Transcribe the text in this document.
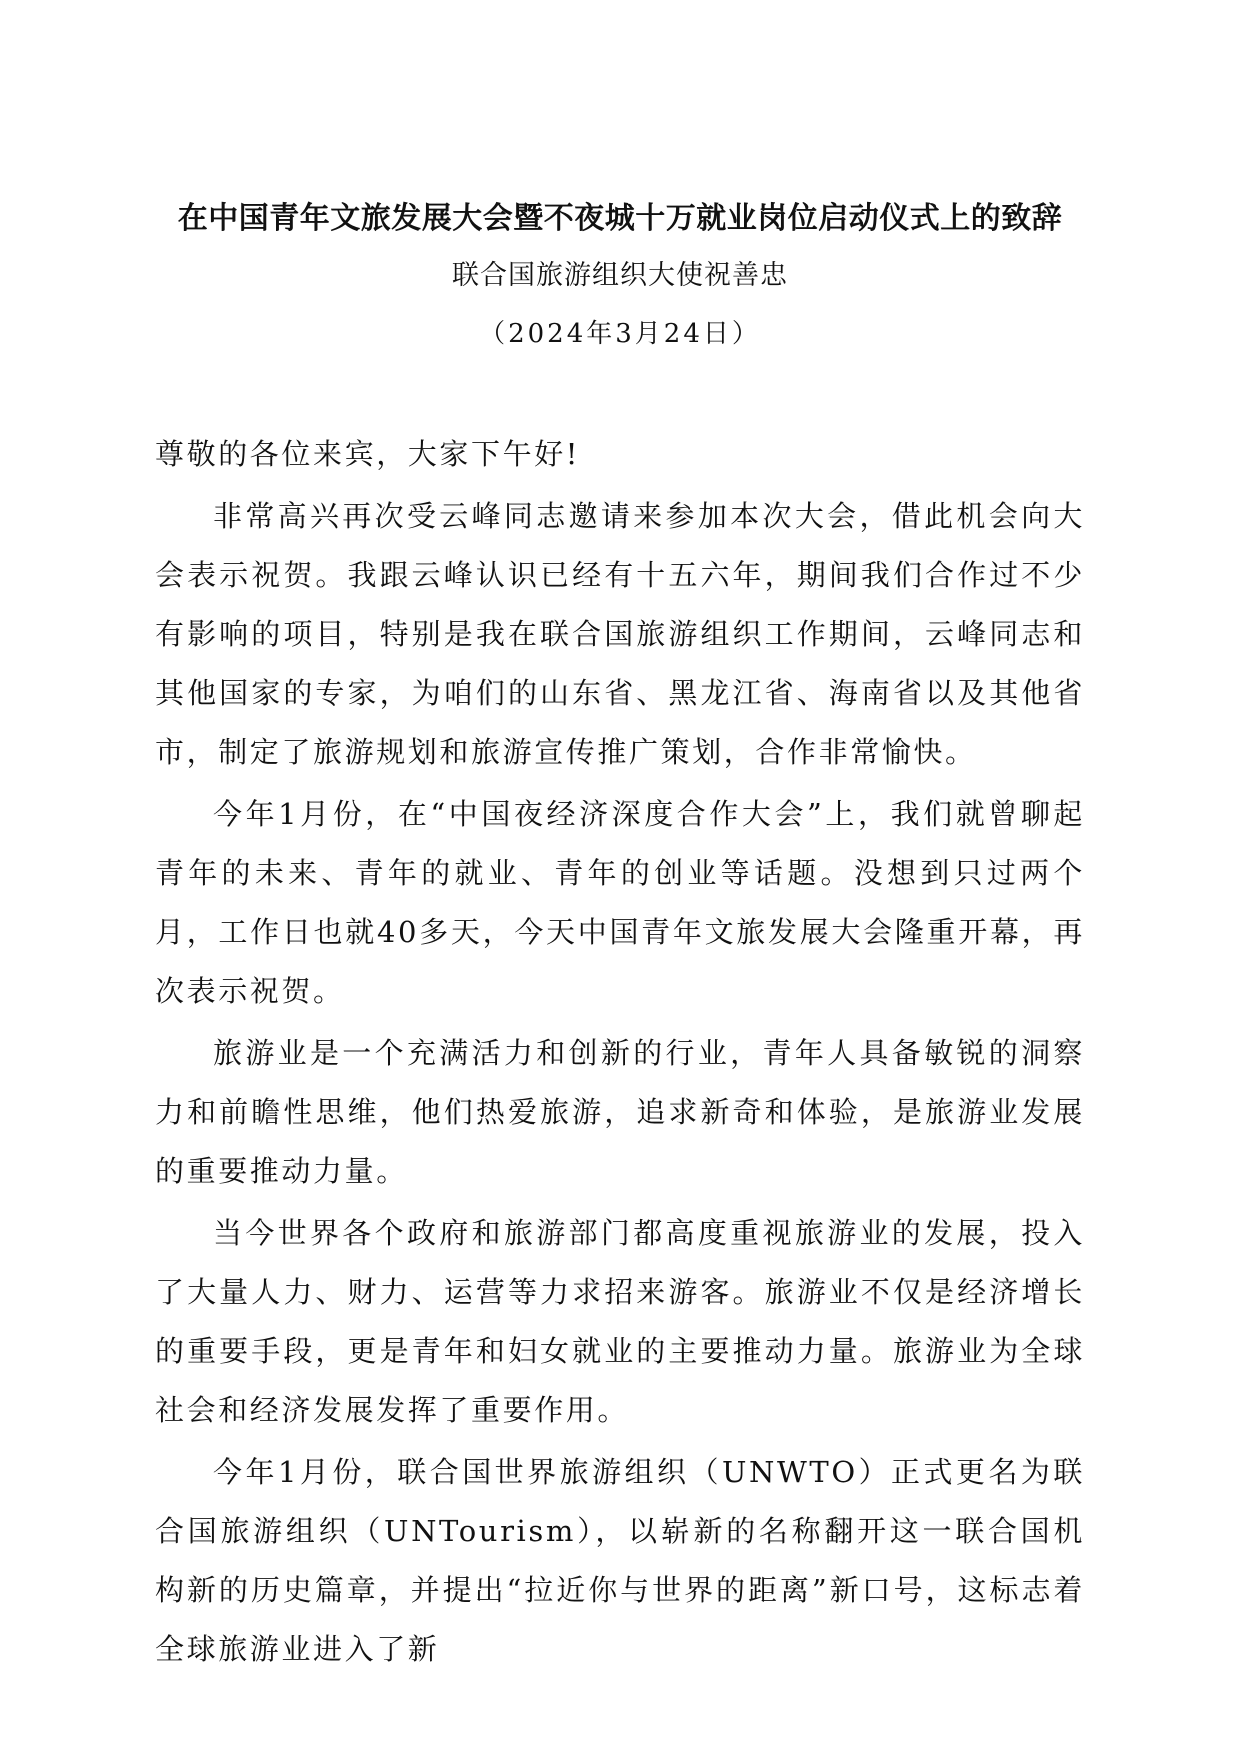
在中国青年文旅发展大会暨不夜城十万就业岗位启动仪式上的致辞
联合国旅游组织大使祝善忠
（2024年3月24日）

尊敬的各位来宾，大家下午好!

非常高兴再次受云峰同志邀请来参加本次大会，借此机会向大会表示祝贺。我跟云峰认识已经有十五六年，期间我们合作过不少有影响的项目，特别是我在联合国旅游组织工作期间，云峰同志和其他国家的专家，为咱们的山东省、黑龙江省、海南省以及其他省市，制定了旅游规划和旅游宣传推广策划，合作非常愉快。

今年1月份，在“中国夜经济深度合作大会”上，我们就曾聊起青年的未来、青年的就业、青年的创业等话题。没想到只过两个月，工作日也就40多天，今天中国青年文旅发展大会隆重开幕，再次表示祝贺。

旅游业是一个充满活力和创新的行业，青年人具备敏锐的洞察力和前瞻性思维，他们热爱旅游，追求新奇和体验，是旅游业发展的重要推动力量。

当今世界各个政府和旅游部门都高度重视旅游业的发展，投入了大量人力、财力、运营等力求招来游客。旅游业不仅是经济增长的重要手段，更是青年和妇女就业的主要推动力量。旅游业为全球社会和经济发展发挥了重要作用。

今年1月份，联合国世界旅游组织（UNWTO）正式更名为联合国旅游组织（UNTourism），以崭新的名称翻开这一联合国机构新的历史篇章，并提出“拉近你与世界的距离”新口号，这标志着全球旅游业进入了新
